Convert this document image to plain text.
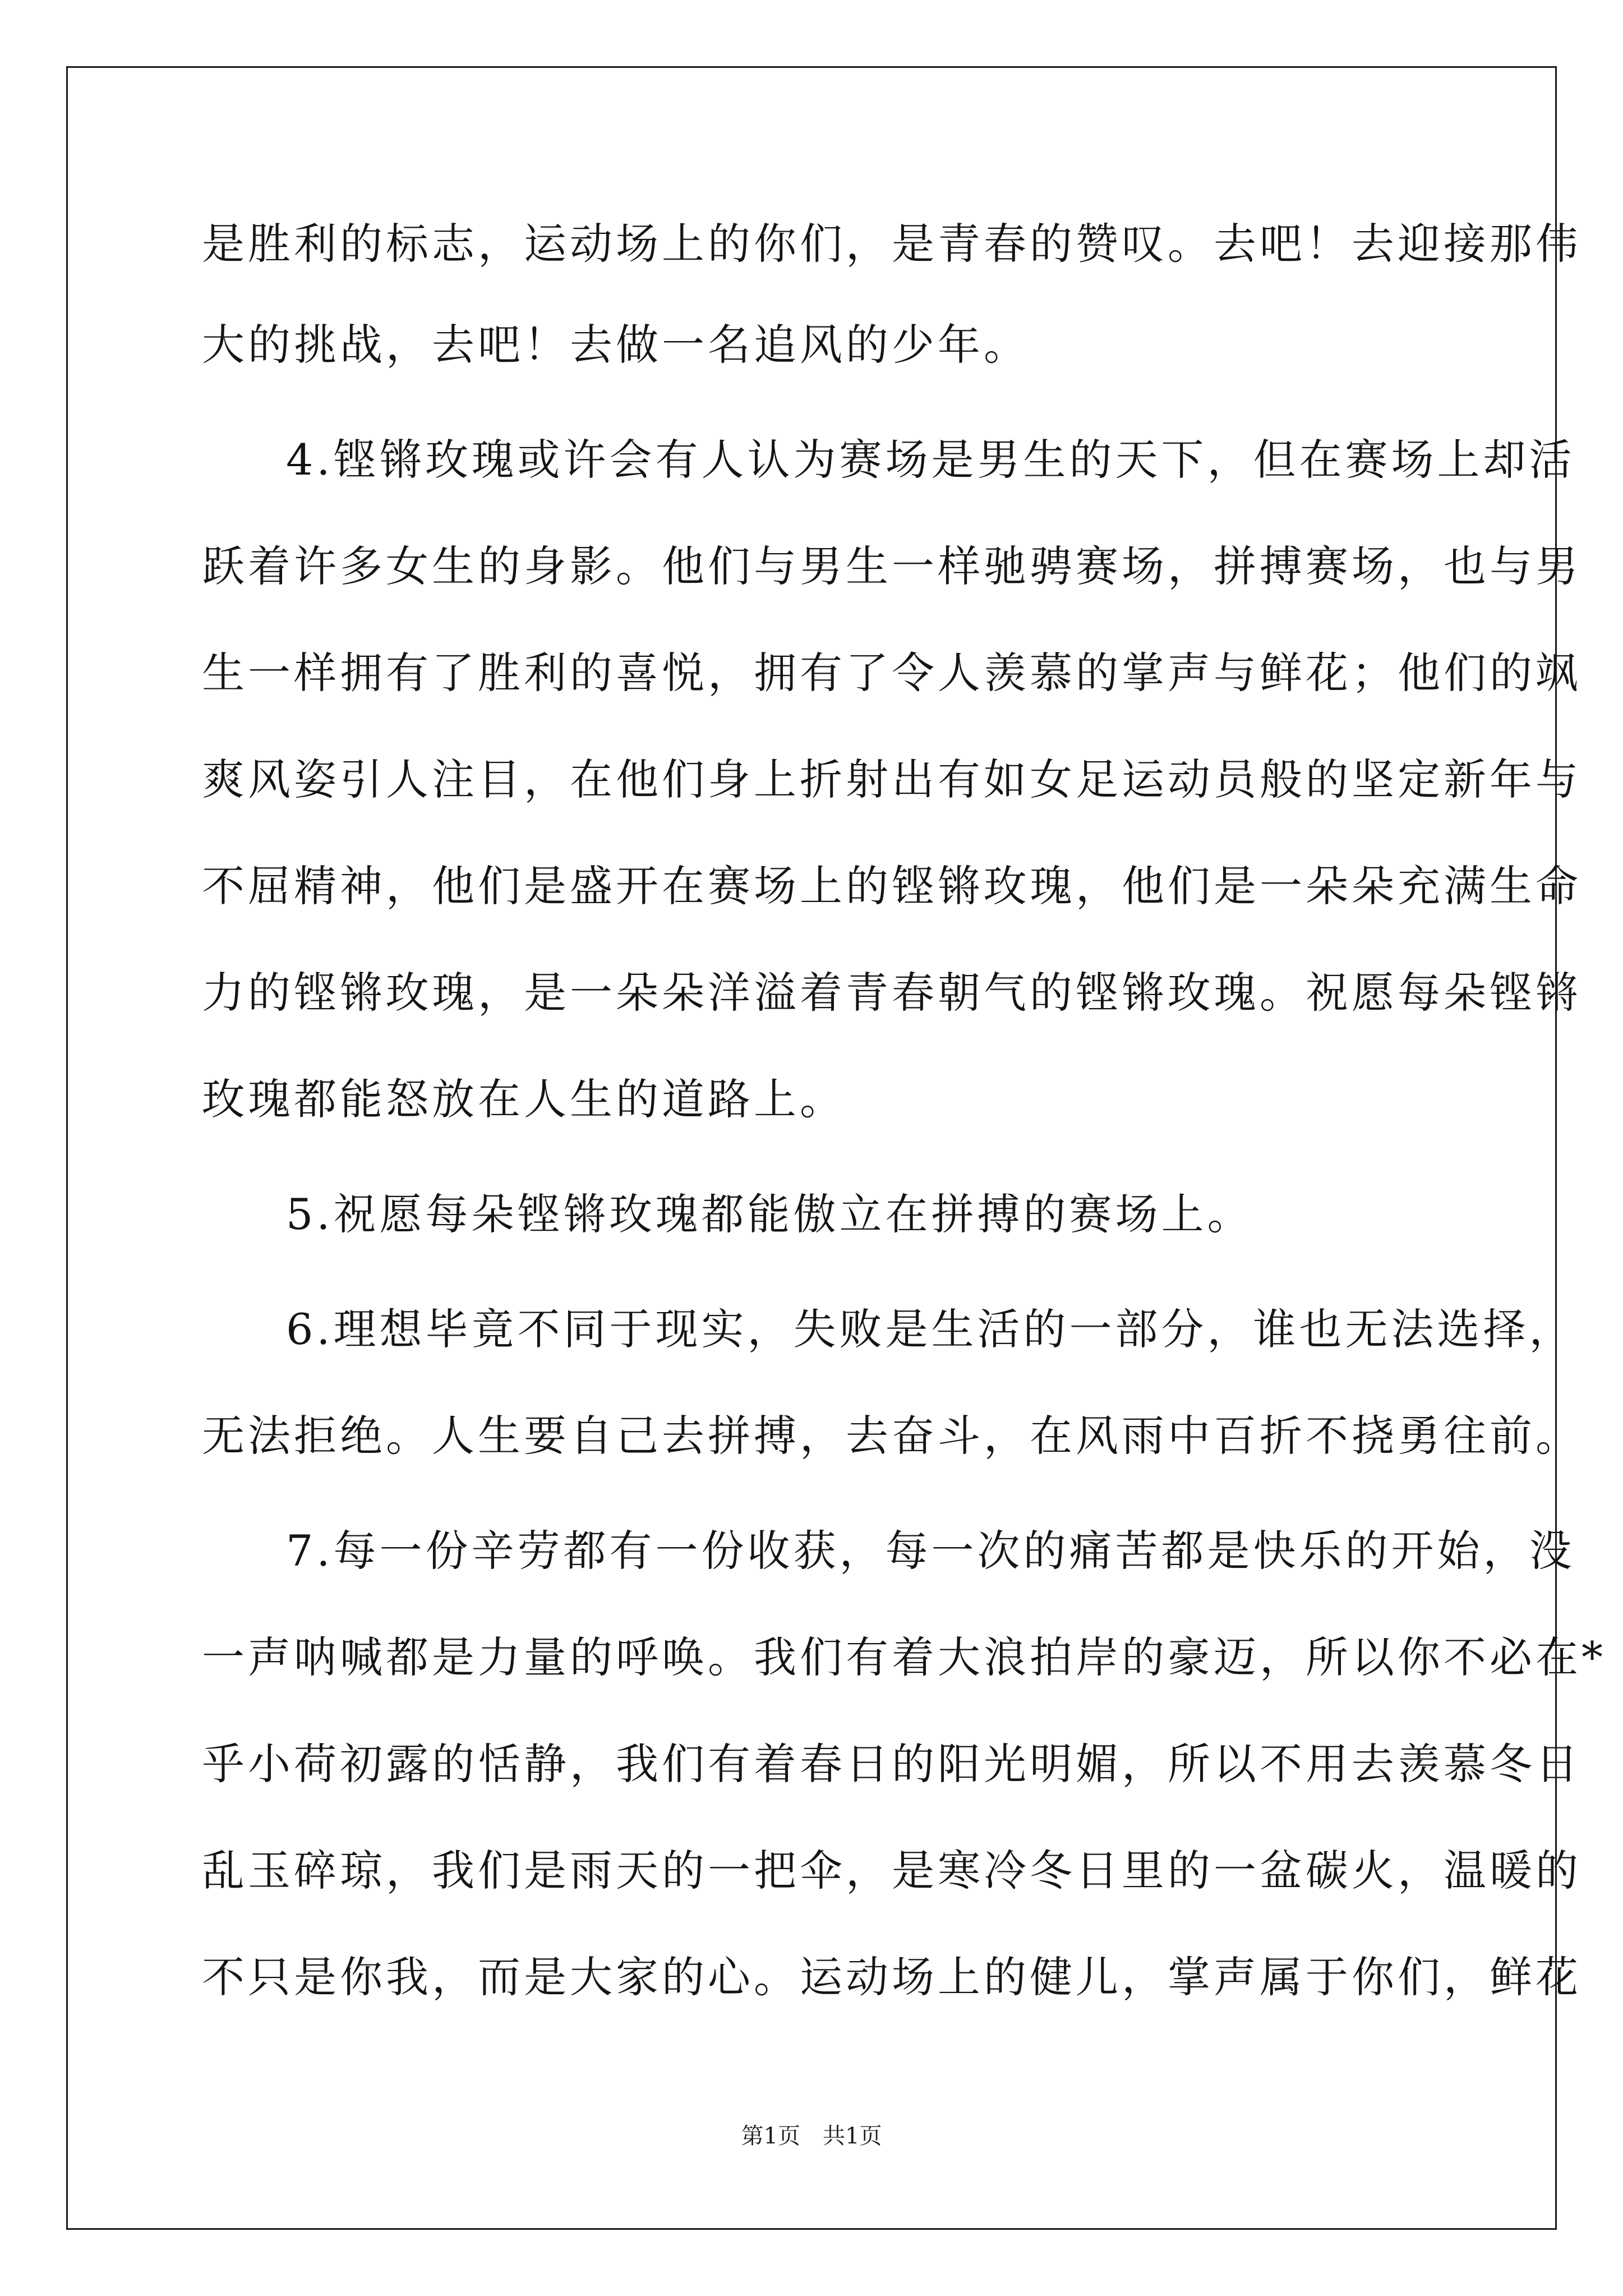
是胜利的标志，运动场上的你们，是青春的赞叹。去吧！去迎接那伟
大的挑战，去吧！去做一名追风的少年。
4.铿锵玫瑰或许会有人认为赛场是男生的天下，但在赛场上却活
跃着许多女生的身影。他们与男生一样驰骋赛场，拼搏赛场，也与男
生一样拥有了胜利的喜悦，拥有了令人羡慕的掌声与鲜花；他们的飒
爽风姿引人注目，在他们身上折射出有如女足运动员般的坚定新年与
不屈精神，他们是盛开在赛场上的铿锵玫瑰，他们是一朵朵充满生命
力的铿锵玫瑰，是一朵朵洋溢着青春朝气的铿锵玫瑰。祝愿每朵铿锵
玫瑰都能怒放在人生的道路上。
5.祝愿每朵铿锵玫瑰都能傲立在拼搏的赛场上。
6.理想毕竟不同于现实，失败是生活的一部分，谁也无法选择，
无法拒绝。人生要自己去拼搏，去奋斗，在风雨中百折不挠勇往前。
7.每一份辛劳都有一份收获，每一次的痛苦都是快乐的开始，没
一声呐喊都是力量的呼唤。我们有着大浪拍岸的豪迈，所以你不必在*
乎小荷初露的恬静，我们有着春日的阳光明媚，所以不用去羡慕冬日
乱玉碎琼，我们是雨天的一把伞，是寒冷冬日里的一盆碳火，温暖的
不只是你我，而是大家的心。运动场上的健儿，掌声属于你们，鲜花
第1页　共1页
